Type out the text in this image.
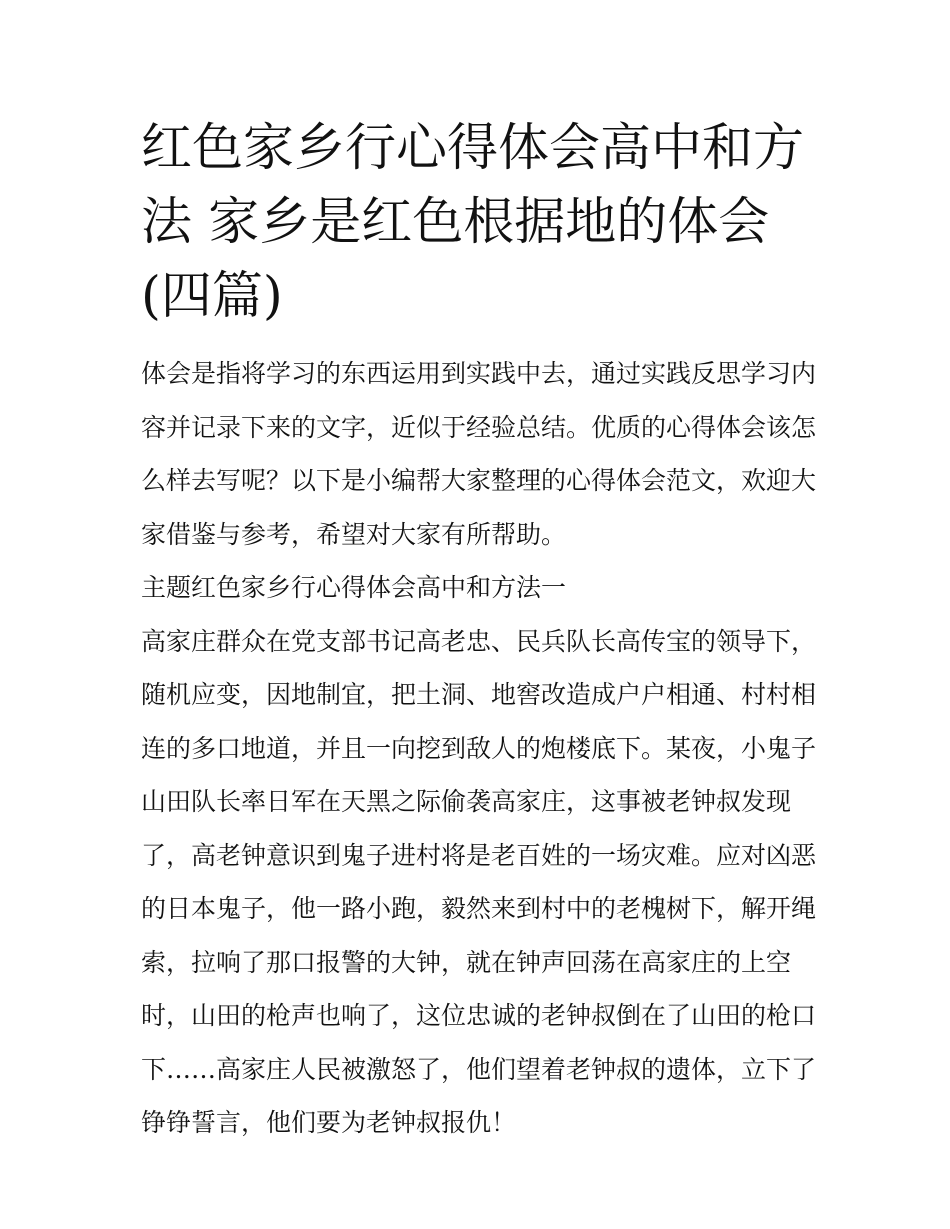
红色家乡行心得体会高中和方法 家乡是红色根据地的体会(四篇)

体会是指将学习的东西运用到实践中去，通过实践反思学习内容并记录下来的文字，近似于经验总结。优质的心得体会该怎么样去写呢？以下是小编帮大家整理的心得体会范文，欢迎大家借鉴与参考，希望对大家有所帮助。

主题红色家乡行心得体会高中和方法一

高家庄群众在党支部书记高老忠、民兵队长高传宝的领导下，随机应变，因地制宜，把土洞、地窖改造成户户相通、村村相连的多口地道，并且一向挖到敌人的炮楼底下。某夜，小鬼子山田队长率日军在天黑之际偷袭高家庄，这事被老钟叔发现了，高老钟意识到鬼子进村将是老百姓的一场灾难。应对凶恶的日本鬼子，他一路小跑，毅然来到村中的老槐树下，解开绳索，拉响了那口报警的大钟，就在钟声回荡在高家庄的上空时，山田的枪声也响了，这位忠诚的老钟叔倒在了山田的枪口下……高家庄人民被激怒了，他们望着老钟叔的遗体，立下了铮铮誓言，他们要为老钟叔报仇！
